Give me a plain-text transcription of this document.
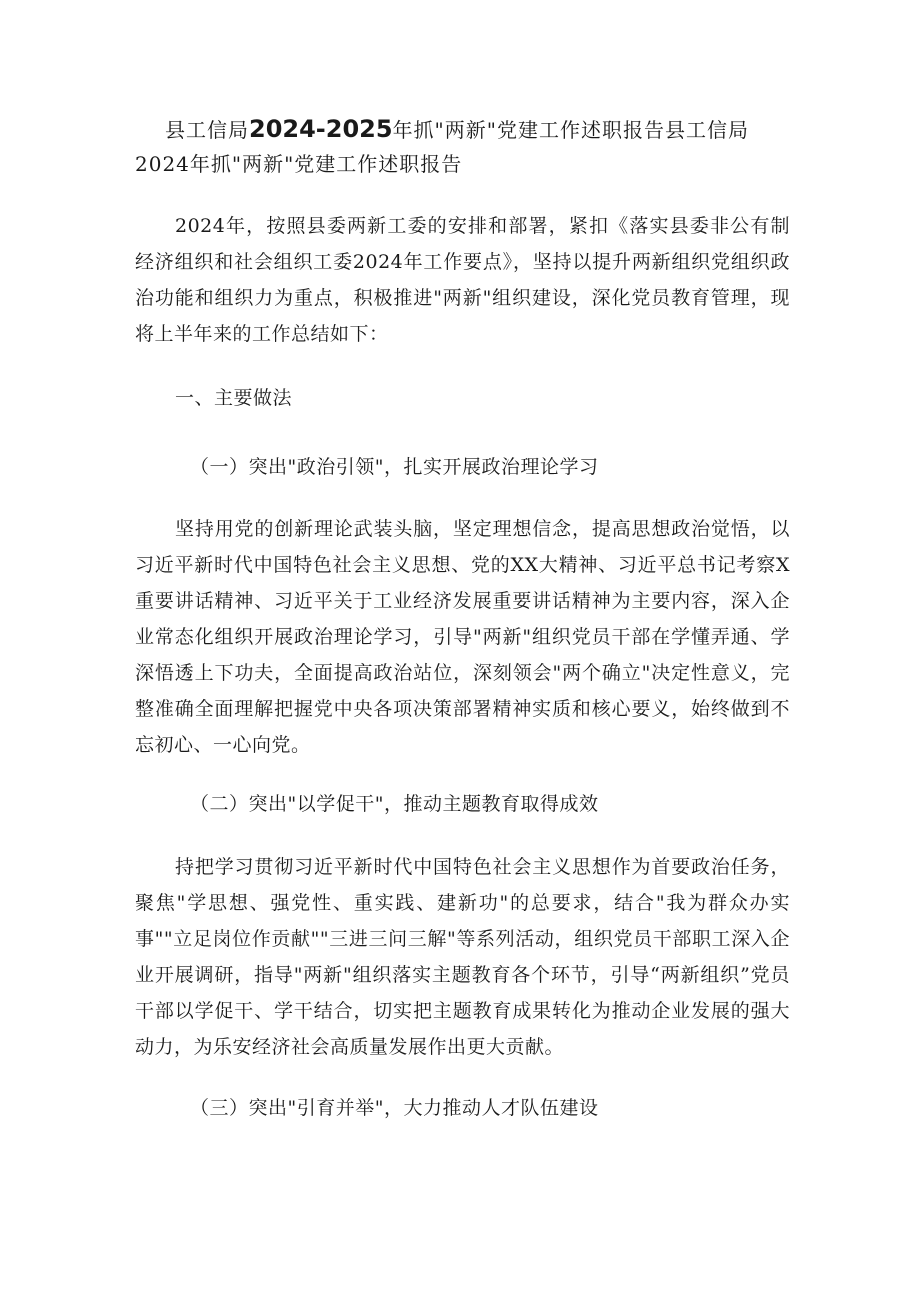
县工信局2024-2025年抓"两新"党建工作述职报告县工信局2024年抓"两新"党建工作述职报告

2024年，按照县委两新工委的安排和部署，紧扣《落实县委非公有制经济组织和社会组织工委2024年工作要点》，坚持以提升两新组织党组织政治功能和组织力为重点，积极推进"两新"组织建设，深化党员教育管理，现将上半年来的工作总结如下：

一、主要做法
（一）突出"政治引领"，扎实开展政治理论学习

坚持用党的创新理论武装头脑，坚定理想信念，提高思想政治觉悟，以习近平新时代中国特色社会主义思想、党的XX大精神、习近平总书记考察X重要讲话精神、习近平关于工业经济发展重要讲话精神为主要内容，深入企业常态化组织开展政治理论学习，引导"两新"组织党员干部在学懂弄通、学深悟透上下功夫，全面提高政治站位，深刻领会"两个确立"决定性意义，完整准确全面理解把握党中央各项决策部署精神实质和核心要义，始终做到不忘初心、一心向党。

（二）突出"以学促干"，推动主题教育取得成效

持把学习贯彻习近平新时代中国特色社会主义思想作为首要政治任务，聚焦"学思想、强党性、重实践、建新功"的总要求，结合"我为群众办实事""立足岗位作贡献""三进三问三解"等系列活动，组织党员干部职工深入企业开展调研，指导"两新"组织落实主题教育各个环节，引导“两新组织”党员干部以学促干、学干结合，切实把主题教育成果转化为推动企业发展的强大动力，为乐安经济社会高质量发展作出更大贡献。

（三）突出"引育并举"，大力推动人才队伍建设
